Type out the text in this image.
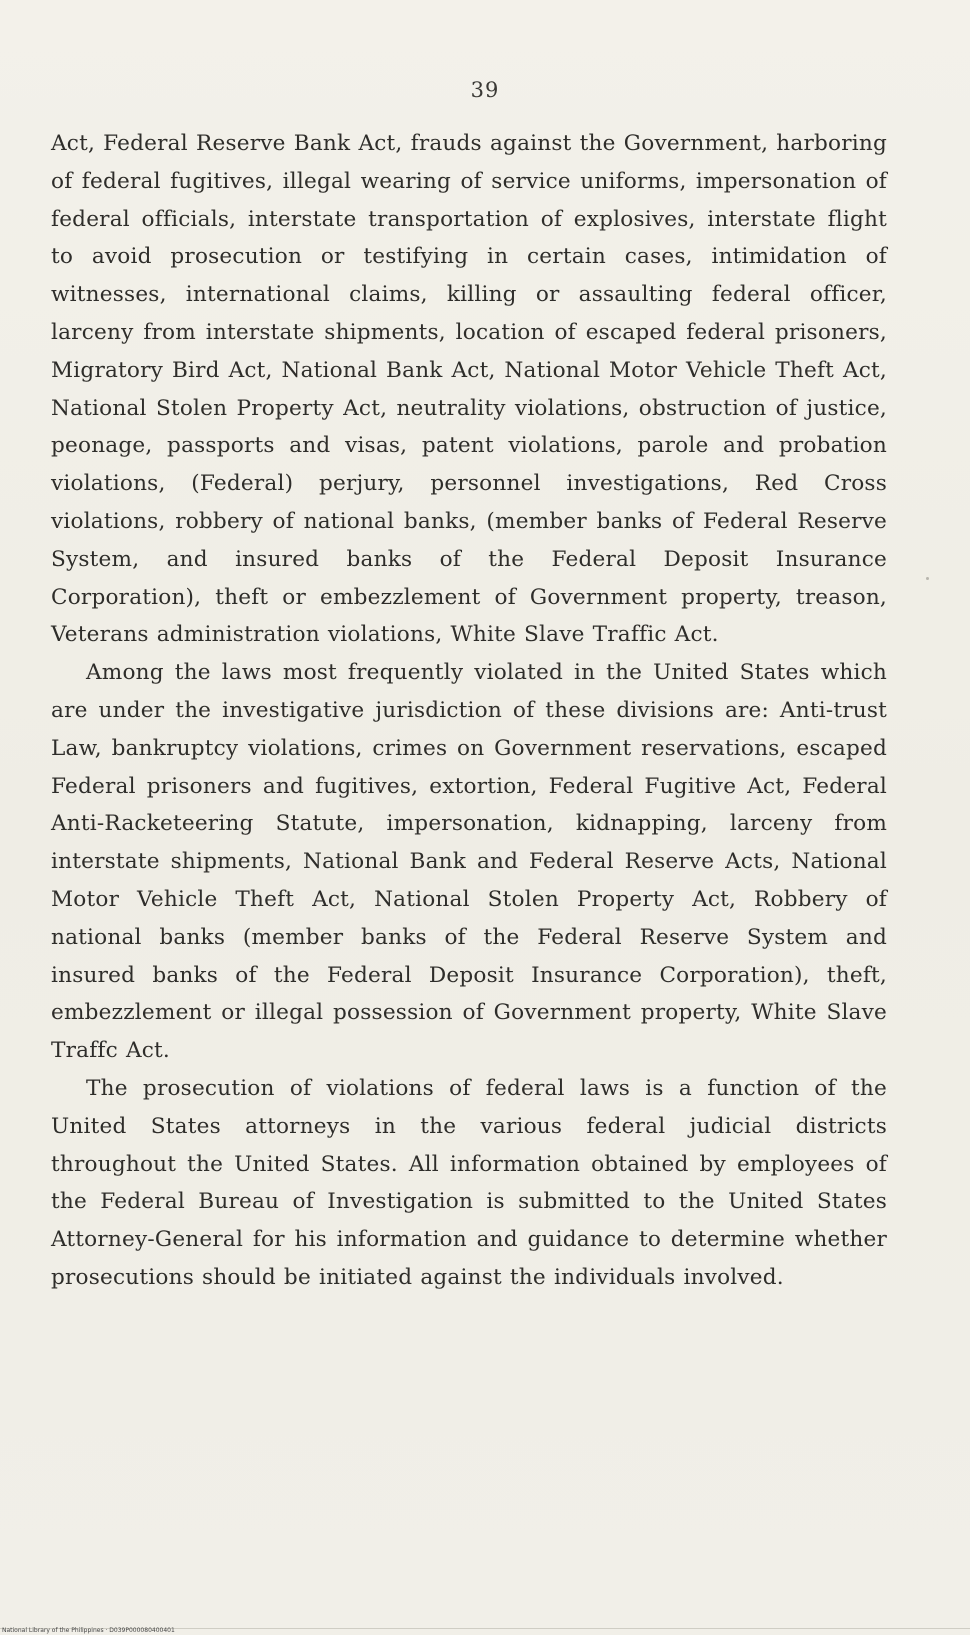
39

Act, Federal Reserve Bank Act, frauds against the Government, harboring of federal fugitives, illegal wearing of service uniforms, impersonation of federal officials, interstate transportation of explosives, interstate flight to avoid prosecution or testifying in certain cases, intimidation of witnesses, international claims, killing or assaulting federal officer, larceny from interstate shipments, location of escaped federal prisoners, Migratory Bird Act, National Bank Act, National Motor Vehicle Theft Act, National Stolen Property Act, neutrality violations, obstruction of justice, peonage, passports and visas, patent violations, parole and probation violations, (Federal) perjury, personnel investigations, Red Cross violations, robbery of national banks, (member banks of Federal Reserve System, and insured banks of the Federal Deposit Insurance Corporation), theft or embezzlement of Government property, treason, Veterans administration violations, White Slave Traffic Act.

Among the laws most frequently violated in the United States which are under the investigative jurisdiction of these divisions are: Anti-trust Law, bankruptcy violations, crimes on Government reservations, escaped Federal prisoners and fugitives, extortion, Federal Fugitive Act, Federal Anti-Racketeering Statute, impersonation, kidnapping, larceny from interstate shipments, National Bank and Federal Reserve Acts, National Motor Vehicle Theft Act, National Stolen Property Act, Robbery of national banks (member banks of the Federal Reserve System and insured banks of the Federal Deposit Insurance Corporation), theft, embezzlement or illegal possession of Government property, White Slave Traffc Act.

The prosecution of violations of federal laws is a function of the United States attorneys in the various federal judicial districts throughout the United States. All information obtained by employees of the Federal Bureau of Investigation is submitted to the United States Attorney-General for his information and guidance to determine whether prosecutions should be initiated against the individuals involved.

National Library of the Philippines · D039P000080400401
